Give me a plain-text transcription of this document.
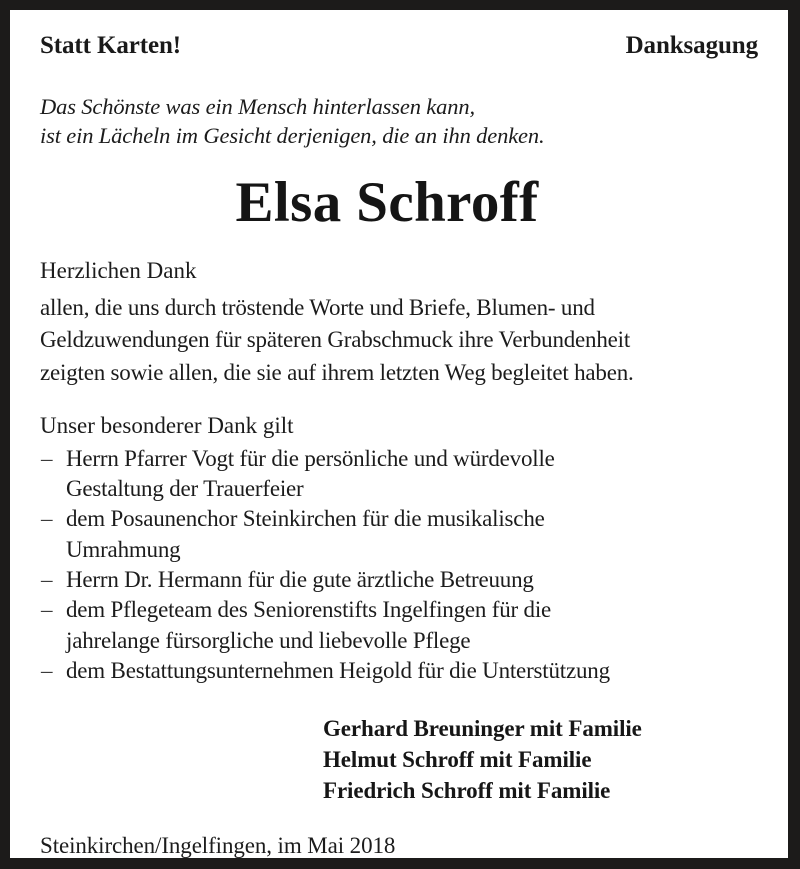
Statt Karten!	Danksagung
Das Schönste was ein Mensch hinterlassen kann,
ist ein Lächeln im Gesicht derjenigen, die an ihn denken.
Elsa Schroff
Herzlichen Dank
allen, die uns durch tröstende Worte und Briefe, Blumen- und
Geldzuwendungen für späteren Grabschmuck ihre Verbundenheit
zeigten sowie allen, die sie auf ihrem letzten Weg begleitet haben.
Unser besonderer Dank gilt
– Herrn Pfarrer Vogt für die persönliche und würdevolle
Gestaltung der Trauerfeier
– dem Posaunenchor Steinkirchen für die musikalische
Umrahmung
– Herrn Dr. Hermann für die gute ärztliche Betreuung
– dem Pflegeteam des Seniorenstifts Ingelfingen für die
jahrelange fürsorgliche und liebevolle Pflege
– dem Bestattungsunternehmen Heigold für die Unterstützung
Gerhard Breuninger mit Familie
Helmut Schroff mit Familie
Friedrich Schroff mit Familie
Steinkirchen/Ingelfingen, im Mai 2018
